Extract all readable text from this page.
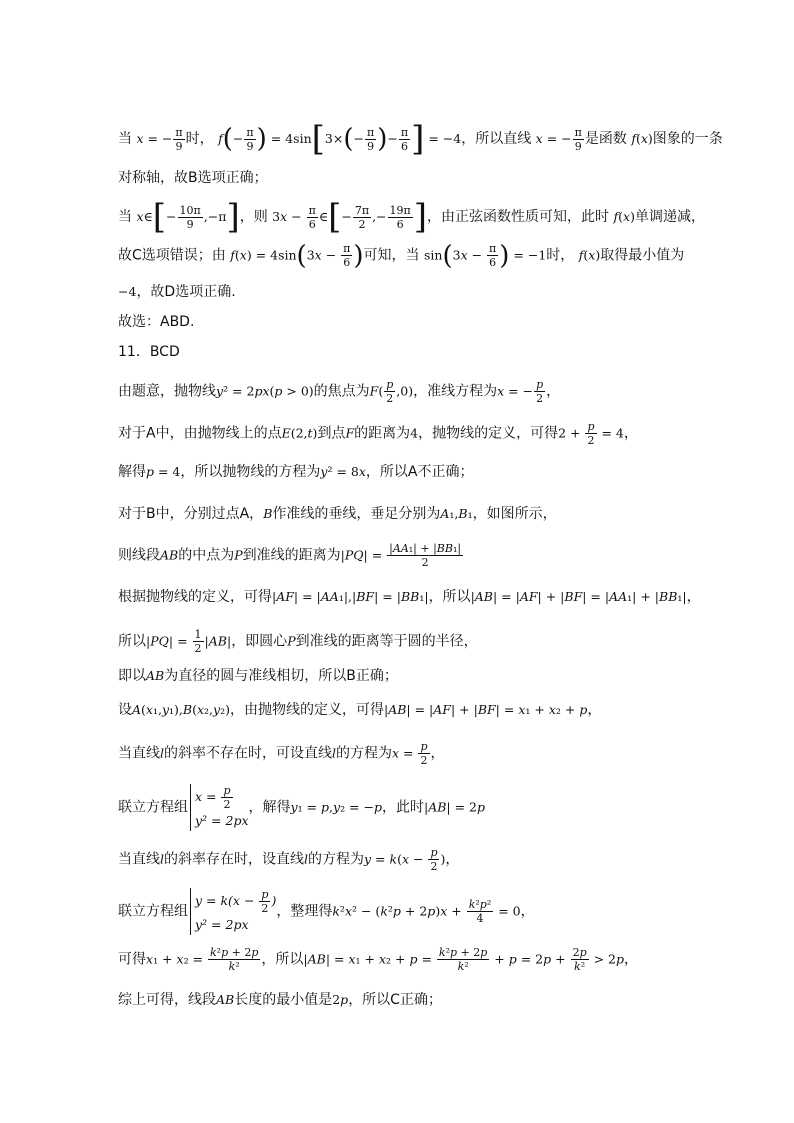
当 x = − $\frac{\pi}{9}$ 时， $f(- \frac{\pi}{9}$ ) = $4\sin[3\times(- \frac{\pi}{9}$ )− $\frac{\pi}{6}$ ] = −4，所以直线 x = − $\frac{\pi}{9}$ 是函数 f(x)图象的一条
对称轴，故B选项正确；
当 x∈[− $\frac{10\pi}{9} ,-\pi$]，则 $3x - \frac{\pi}{6}$ ∈[− $\frac{7\pi}{2}$ ,− $\frac{19\pi}{6}$ ]，由正弦函数性质可知，此时 f(x)单调递减，
故C选项错误；由 $f(x) = 4\sin(3x - \frac{\pi}{6}$ )可知，当 $\sin(3x - \frac{\pi}{6}$ ) = −1时， f(x)取得最小值为
−4，故D选项正确.
故选：ABD.
11．BCD
由题意，抛物线y² = 2px(p > 0)的焦点为$F( \frac{p}{2} ,0)$，准线方程为x = − $\frac{p}{2}$ ，
对于A中，由抛物线上的点E(2,t)到点F的距离为4，抛物线的定义，可得$2 + \frac{p}{2} = 4$，
解得p = 4，所以抛物线的方程为y² = 8x，所以A不正确；
对于B中，分别过点A，B作准线的垂线，垂足分别为A₁,B₁，如图所示，
则线段AB的中点为P到准线的距离为$|PQ| = \frac{\text{|AA₁| + |BB₁|}}{2}$
根据抛物线的定义，可得|AF| = |AA₁|,|BF| = |BB₁|，所以|AB| = |AF| + |BF| = |AA₁| + |BB₁|，
所以$|PQ| = \frac{1}{2} |AB|$，即圆心P到准线的距离等于圆的半径，
即以AB为直径的圆与准线相切，所以B正确；
设A(x₁,y₁),B(x₂,y₂)，由抛物线的定义，可得|AB| = |AF| + |BF| = x₁ + x₂ + p，
当直线l的斜率不存在时，可设直线l的方程为$x = \frac{p}{2}$ ，
联立方程组
$x = \frac{p}{2}$
y² = 2px
，解得y₁ = p,y₂ = −p，此时|AB| = 2p
当直线l的斜率存在时，设直线l的方程为$y = k(x - \frac{p}{2}$ )，
联立方程组
$y = k(x - \frac{p}{2}$ )
y² = 2px
，整理得$k^2x^2 - (k^2p + 2p)x + \frac{\text{k²p²}}{4} = 0$，
可得$x_1 + x_2 = \frac{\text{k²p + 2p}}{\text{k²}}$ ，所以$|AB| = x_1 + x_2 + p = \frac{\text{k²p + 2p}}{\text{k²}} + p = 2p + \frac{2p}{\text{k²}} > 2p$，
综上可得，线段AB长度的最小值是2p，所以C正确；
